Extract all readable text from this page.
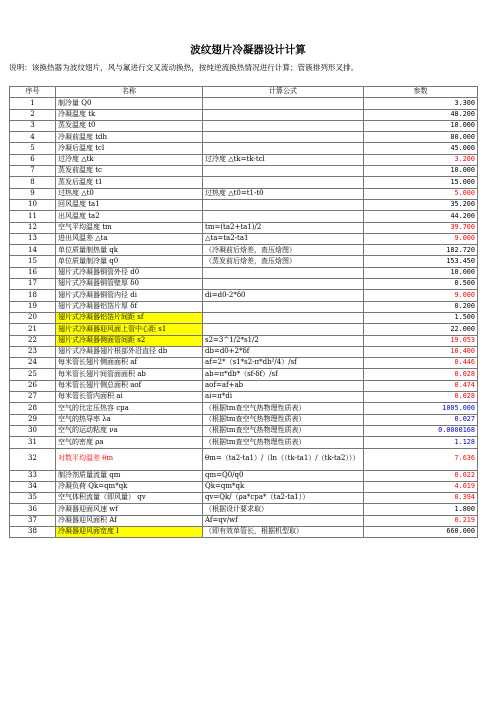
波纹翅片冷凝器设计计算
说明：该换热器为波纹翅片，风与氟进行交叉流动换热，按纯逆流换热情况进行计算；管簇排列形叉排。
序号	名称	计算公式	参数
1	制冷量 Q0		3.300
2	冷凝温度 tk		48.200
3	蒸发温度 t0		10.000
4	冷凝前温度 tdh		80.000
5	冷凝后温度 tcl		45.000
6	过冷度 △tk	过冷度 △tk=tk-tcl	3.200
7	蒸发前温度 tc		10.000
8	蒸发后温度 t1		15.000
9	过热度 △t0	过热度 △t0=t1-t0	5.000
10	回风温度 ta1		35.200
11	出风温度 ta2		44.200
12	空气平均温度 tm	tm=(ta2+ta1)/2	39.700
13	进出风温差 △ta	△ta=ta2-ta1	9.000
14	单位质量制热量 qk	（冷凝前后焓差，查压焓图）	182.720
15	单位质量制冷量 q0	（蒸发前后焓差，查压焓图）	153.450
16	翅片式冷凝器铜管外径 d0		10.000
17	翅片式冷凝器铜管壁厚 δ0		0.500
18	翅片式冷凝器铜管内径 di	di=d0-2*δ0	9.000
19	翅片式冷凝器铝箔片厚 δf		0.200
20	翅片式冷凝器铝箔片间距 sf		1.500
21	翅片式冷凝器迎风面上管中心距 s1		22.000
22	翅片式冷凝器侧面管间距 s2	s2=3^1/2*s1/2	19.053
23	翅片式冷凝器翅片根部外沿直径 db	db=d0+2*δf	10.400
24	每米管长翅片侧面面积 af	af=2*（s1*s2-π*db²/4）/sf	0.446
25	每米管长翅片间管面面积 ab	ab=π*db*（sf-δf）/sf	0.028
26	每米管长翅片侧总面积 aof	aof=af+ab	0.474
27	每米管长管内面积 ai	ai=π*di	0.028
28	空气的比定压热容 cpa	（根据tm查空气热物理性质表）	1005.000
29	空气的热导率 λa	（根据tm查空气热物理性质表）	0.027
30	空气的运动粘度 νa	（根据tm查空气热物理性质表）	0.0000168
31	空气的密度 ρa	（根据tm查空气热物理性质表）	1.128
32	对数平均温差 θm	θm=（ta2-ta1）/（ln（（tk-ta1）/（tk-ta2）））	7.636
33	制冷剂质量流量 qm	qm=Q0/q0	0.022
34	冷凝负荷 Qk=qm*qk	Qk=qm*qk	4.019
35	空气体积流量（即风量） qv	qv=Qk/（ρa*cpa*（ta2-ta1））	0.394
36	冷凝器迎面风速 wf	（根据设计要求取）	1.800
37	冷凝器迎风面积 Af	Af=qv/wf	0.219
38	冷凝器迎风面宽度 l	（即有效单管长，根据机型取）	660.000
